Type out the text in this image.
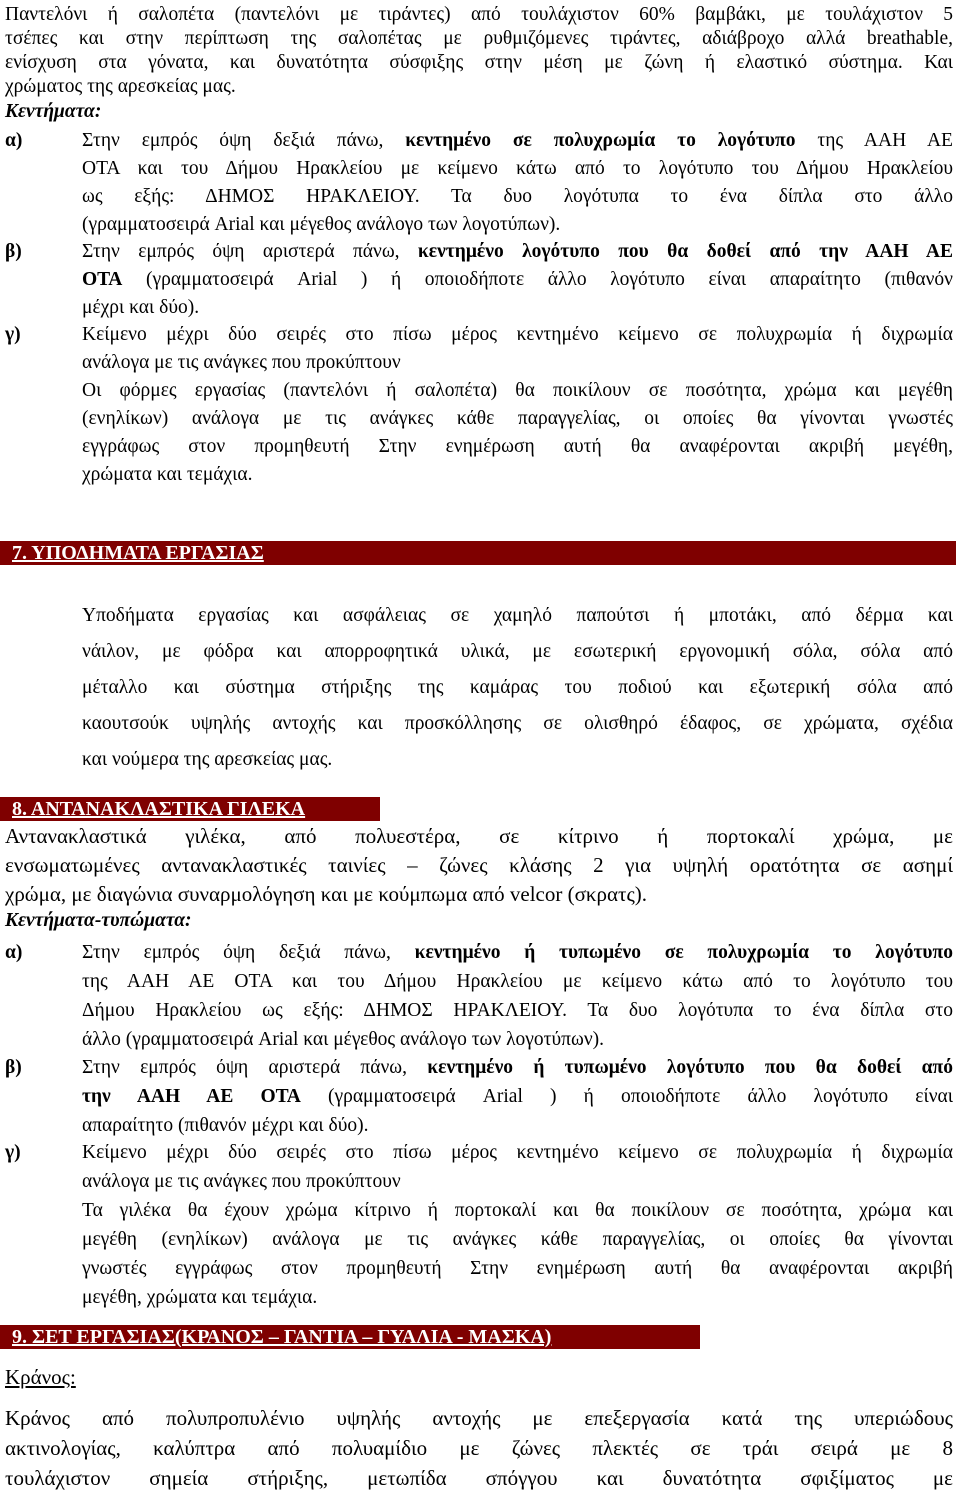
Παντελόνι ή σαλοπέτα (παντελόνι με τιράντες) από τουλάχιστον 60% βαμβάκι, με τουλάχιστον 5
τσέπες και στην περίπτωση της σαλοπέτας με ρυθμιζόμενες τιράντες, αδιάβροχο αλλά breathable,
ενίσχυση στα γόνατα, και δυνατότητα σύσφιξης στην μέση με ζώνη ή ελαστικό σύστημα. Και
χρώματος της αρεσκείας μας.
Κεντήματα:
α)	Στην εμπρός όψη δεξιά πάνω, κεντημένο σε πολυχρωμία το λογότυπο της ΑΑΗ ΑΕ
ΟΤΑ και του Δήμου Ηρακλείου με κείμενο κάτω από το λογότυπο του Δήμου Ηρακλείου
ως εξής: ΔΗΜΟΣ ΗΡΑΚΛΕΙΟΥ. Τα δυο λογότυπα το ένα δίπλα στο άλλο
(γραμματοσειρά Arial και μέγεθος ανάλογο των λογοτύπων).
β)	Στην εμπρός όψη αριστερά πάνω, κεντημένο λογότυπο που θα δοθεί από την ΑΑΗ ΑΕ
ΟΤΑ (γραμματοσειρά Arial ) ή οποιοδήποτε άλλο λογότυπο είναι απαραίτητο (πιθανόν
μέχρι και δύο).
γ)	Κείμενο μέχρι δύο σειρές στο πίσω μέρος κεντημένο κείμενο σε πολυχρωμία ή διχρωμία
ανάλογα με τις ανάγκες που προκύπτουν
Οι φόρμες εργασίας (παντελόνι ή σαλοπέτα) θα ποικίλουν σε ποσότητα, χρώμα και μεγέθη
(ενηλίκων) ανάλογα με τις ανάγκες κάθε παραγγελίας, οι οποίες θα γίνονται γνωστές
εγγράφως στον προμηθευτή Στην ενημέρωση αυτή θα αναφέρονται ακριβή μεγέθη,
χρώματα και τεμάχια.
7. ΥΠΟΔΗΜΑΤΑ ΕΡΓΑΣΙΑΣ
Υποδήματα εργασίας και ασφάλειας σε χαμηλό παπούτσι ή μποτάκι, από δέρμα και
νάιλον, με φόδρα και απορροφητικά υλικά, με εσωτερική εργονομική σόλα, σόλα από
μέταλλο και σύστημα στήριξης της καμάρας του ποδιού και εξωτερική σόλα από
καουτσούκ υψηλής αντοχής και προσκόλλησης σε ολισθηρό έδαφος, σε χρώματα, σχέδια
και νούμερα της αρεσκείας μας.
8. ΑΝΤΑΝΑΚΛΑΣΤΙΚΑ ΓΙΛΕΚΑ
Αντανακλαστικά γιλέκα, από πολυεστέρα, σε κίτρινο ή πορτοκαλί χρώμα, με
ενσωματωμένες αντανακλαστικές ταινίες – ζώνες κλάσης 2 για υψηλή ορατότητα σε ασημί
χρώμα, με διαγώνια συναρμολόγηση και με κούμπωμα από velcor (σκρατς).
Κεντήματα-τυπώματα:
α)	Στην εμπρός όψη δεξιά πάνω, κεντημένο ή τυπωμένο σε πολυχρωμία το λογότυπο
της ΑΑΗ ΑΕ ΟΤΑ και του Δήμου Ηρακλείου με κείμενο κάτω από το λογότυπο του
Δήμου Ηρακλείου ως εξής: ΔΗΜΟΣ ΗΡΑΚΛΕΙΟΥ. Τα δυο λογότυπα το ένα δίπλα στο
άλλο (γραμματοσειρά Arial και μέγεθος ανάλογο των λογοτύπων).
β)	Στην εμπρός όψη αριστερά πάνω, κεντημένο ή τυπωμένο λογότυπο που θα δοθεί από
την ΑΑΗ ΑΕ ΟΤΑ (γραμματοσειρά Arial ) ή οποιοδήποτε άλλο λογότυπο είναι
απαραίτητο (πιθανόν μέχρι και δύο).
γ)	Κείμενο μέχρι δύο σειρές στο πίσω μέρος κεντημένο κείμενο σε πολυχρωμία ή διχρωμία
ανάλογα με τις ανάγκες που προκύπτουν
Τα γιλέκα θα έχουν χρώμα κίτρινο ή πορτοκαλί και θα ποικίλουν σε ποσότητα, χρώμα και
μεγέθη (ενηλίκων) ανάλογα με τις ανάγκες κάθε παραγγελίας, οι οποίες θα γίνονται
γνωστές εγγράφως στον προμηθευτή Στην ενημέρωση αυτή θα αναφέρονται ακριβή
μεγέθη, χρώματα και τεμάχια.
9. ΣΕΤ ΕΡΓΑΣΙΑΣ(ΚΡΑΝΟΣ – ΓΑΝΤΙΑ – ΓΥΑΛΙΑ - ΜΑΣΚΑ)
Κράνος:
Κράνος από πολυπροπυλένιο υψηλής αντοχής με επεξεργασία κατά της υπεριώδους
ακτινολογίας, καλύπτρα από πολυαμίδιο με ζώνες πλεκτές σε τράι σειρά με 8
τουλάχιστον σημεία στήριξης, μετωπίδα σπόγγου και δυνατότητα σφιξίματος με
